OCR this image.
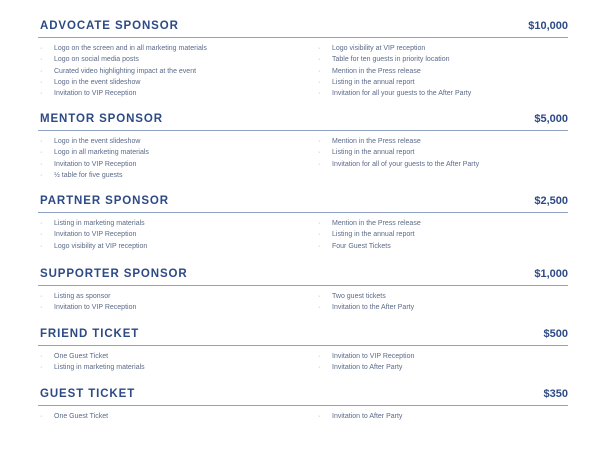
ADVOCATE SPONSOR	$10,000
· Logo on the screen and in all marketing materials
· Logo on social media posts
· Curated video highlighting impact at the event
· Logo in the event slideshow
· Invitation to VIP Reception
· Logo visibility at VIP reception
· Table for ten guests in priority location
· Mention in the Press release
· Listing in the annual report
· Invitation for all your guests to the After Party
MENTOR SPONSOR	$5,000
· Logo in the event slideshow
· Logo in all marketing materials
· Invitation to VIP Reception
· ½ table for five guests
· Mention in the Press release
· Listing in the annual report
· Invitation for all of your guests to the After Party
PARTNER SPONSOR	$2,500
· Listing in marketing materials
· Invitation to VIP Reception
· Logo visibility at VIP reception
· Mention in the Press release
· Listing in the annual report
· Four Guest Tickets
SUPPORTER SPONSOR	$1,000
· Listing as sponsor
· Invitation to VIP Reception
· Two guest tickets
· Invitation to the After Party
FRIEND TICKET	$500
· One Guest Ticket
· Listing in marketing materials
· Invitation to VIP Reception
· Invitation to After Party
GUEST TICKET	$350
· One Guest Ticket	· Invitation to After Party
